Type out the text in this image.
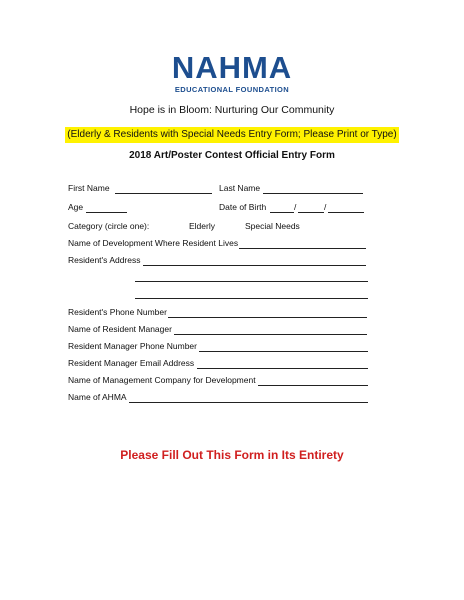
NAHMA
EDUCATIONAL FOUNDATION
Hope is in Bloom: Nurturing Our Community
(Elderly & Residents with Special Needs Entry Form; Please Print or Type)
2018 Art/Poster Contest Official Entry Form
First Name	Last Name
Age	Date of Birth	/	/
Category (circle one):	Elderly	Special Needs
Name of Development Where Resident Lives
Resident's Address
Resident's Phone Number
Name of Resident Manager
Resident Manager Phone Number
Resident Manager Email Address
Name of Management Company for Development
Name of AHMA
Please Fill Out This Form in Its Entirety
